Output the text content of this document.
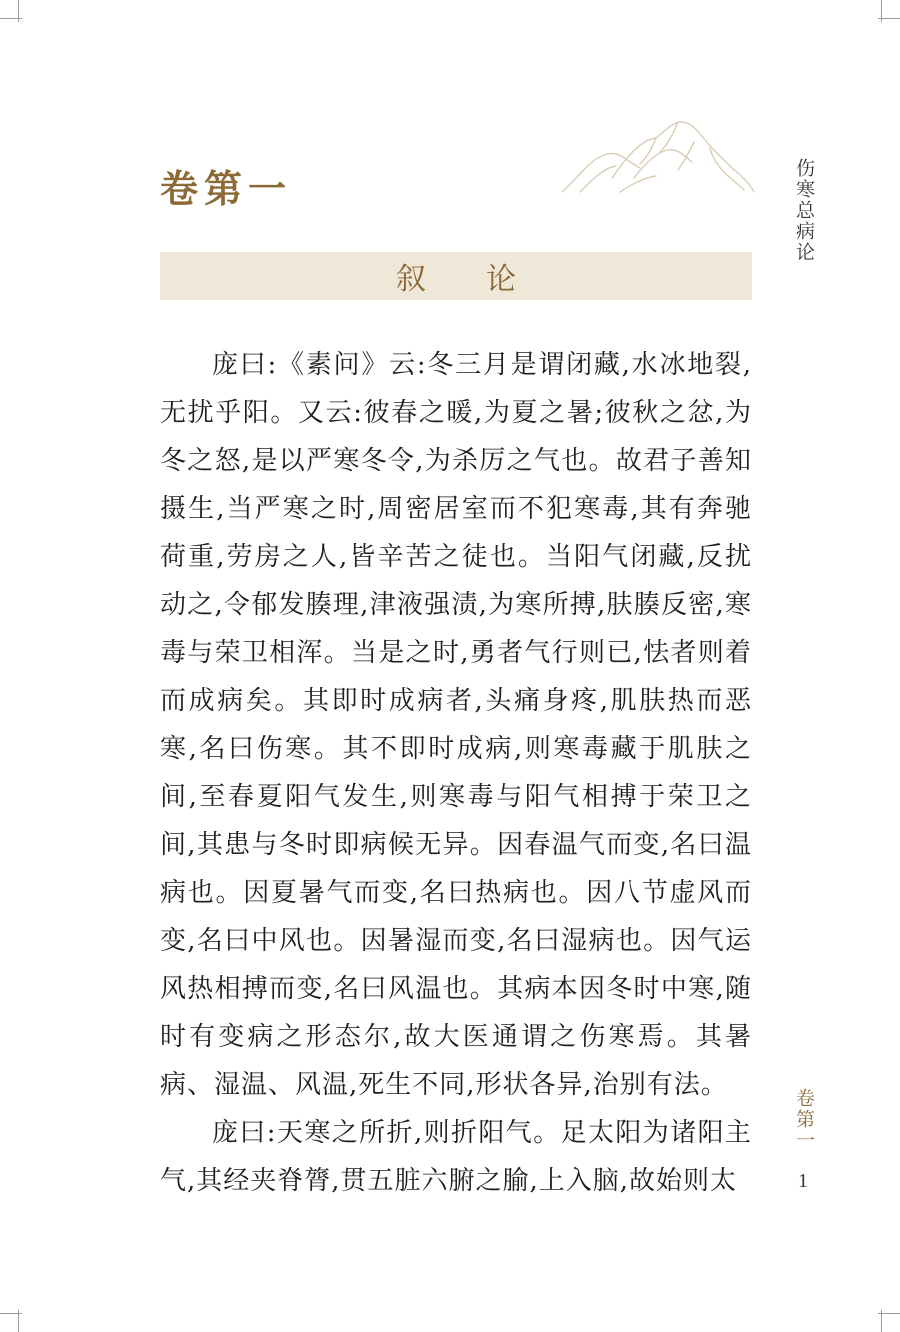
卷第一
叙论

庞曰:《素问》云:冬三月是谓闭藏,水冰地裂,无扰乎阳。又云:彼春之暖,为夏之暑;彼秋之忿,为冬之怒,是以严寒冬令,为杀厉之气也。故君子善知摄生,当严寒之时,周密居室而不犯寒毒,其有奔驰荷重,劳房之人,皆辛苦之徒也。当阳气闭藏,反扰动之,令郁发腠理,津液强渍,为寒所搏,肤腠反密,寒毒与荣卫相浑。当是之时,勇者气行则已,怯者则着而成病矣。其即时成病者,头痛身疼,肌肤热而恶寒,名曰伤寒。其不即时成病,则寒毒藏于肌肤之间,至春夏阳气发生,则寒毒与阳气相搏于荣卫之间,其患与冬时即病候无异。因春温气而变,名曰温病也。因夏暑气而变,名曰热病也。因八节虚风而变,名曰中风也。因暑湿而变,名曰湿病也。因气运风热相搏而变,名曰风温也。其病本因冬时中寒,随时有变病之形态尔,故大医通谓之伤寒焉。其暑病、湿温、风温,死生不同,形状各异,治别有法。

庞曰:天寒之所折,则折阳气。足太阳为诸阳主气,其经夹脊膂,贯五脏六腑之腧,上入脑,故始则太

伤寒总病论
卷第一
1
